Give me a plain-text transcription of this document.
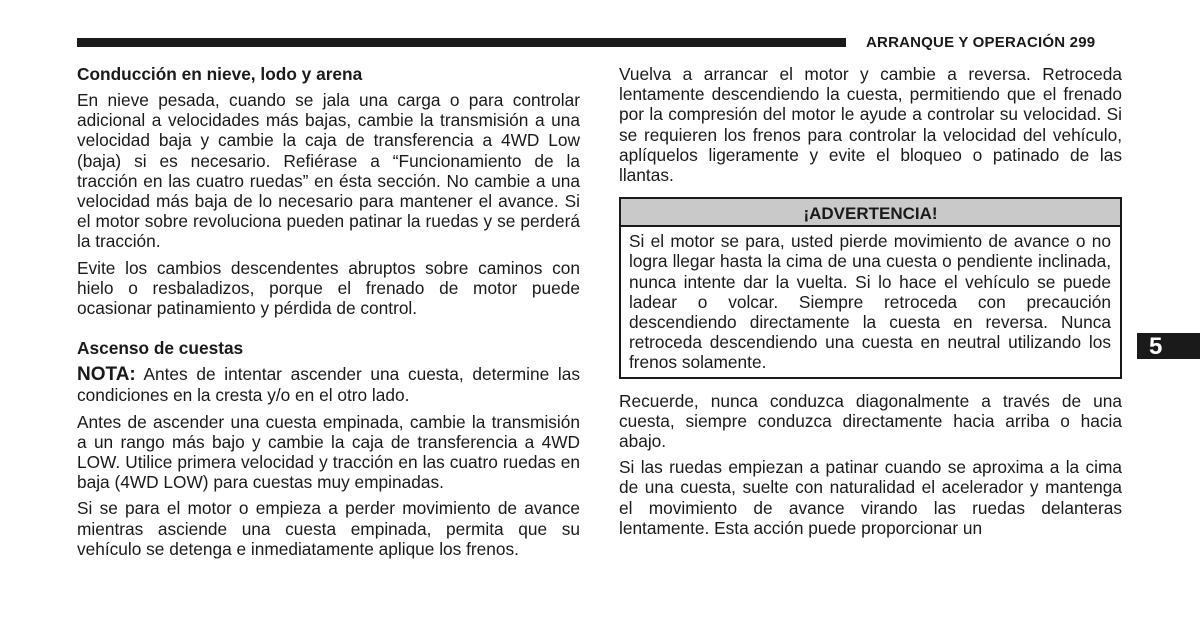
ARRANQUE Y OPERACIÓN 299
Conducción en nieve, lodo y arena

En nieve pesada, cuando se jala una carga o para controlar adicional a velocidades más bajas, cambie la transmisión a una velocidad baja y cambie la caja de transferencia a 4WD Low (baja) si es necesario. Refiérase a “Funcionamiento de la tracción en las cuatro ruedas” en ésta sección. No cambie a una velocidad más baja de lo necesario para mantener el avance. Si el motor sobre revoluciona pueden patinar la ruedas y se perderá la tracción.

Evite los cambios descendentes abruptos sobre caminos con hielo o resbaladizos, porque el frenado de motor puede ocasionar patinamiento y pérdida de control.

Ascenso de cuestas

NOTA: Antes de intentar ascender una cuesta, determine las condiciones en la cresta y/o en el otro lado.

Antes de ascender una cuesta empinada, cambie la transmisión a un rango más bajo y cambie la caja de transferencia a 4WD LOW. Utilice primera velocidad y tracción en las cuatro ruedas en baja (4WD LOW) para cuestas muy empinadas.

Si se para el motor o empieza a perder movimiento de avance mientras asciende una cuesta empinada, permita que su vehículo se detenga e inmediatamente aplique los frenos.

Vuelva a arrancar el motor y cambie a reversa. Retroceda lentamente descendiendo la cuesta, permitiendo que el frenado por la compresión del motor le ayude a controlar su velocidad. Si se requieren los frenos para controlar la velocidad del vehículo, aplíquelos ligeramente y evite el bloqueo o patinado de las llantas.

¡ADVERTENCIA!
Si el motor se para, usted pierde movimiento de avance o no logra llegar hasta la cima de una cuesta o pendiente inclinada, nunca intente dar la vuelta. Si lo hace el vehículo se puede ladear o volcar. Siempre retroceda con precaución descendiendo directamente la cuesta en reversa. Nunca retroceda descendiendo una cuesta en neutral utilizando los frenos solamente.

Recuerde, nunca conduzca diagonalmente a través de una cuesta, siempre conduzca directamente hacia arriba o hacia abajo.

Si las ruedas empiezan a patinar cuando se aproxima a la cima de una cuesta, suelte con naturalidad el acelerador y mantenga el movimiento de avance virando las ruedas delanteras lentamente. Esta acción puede proporcionar un

5
